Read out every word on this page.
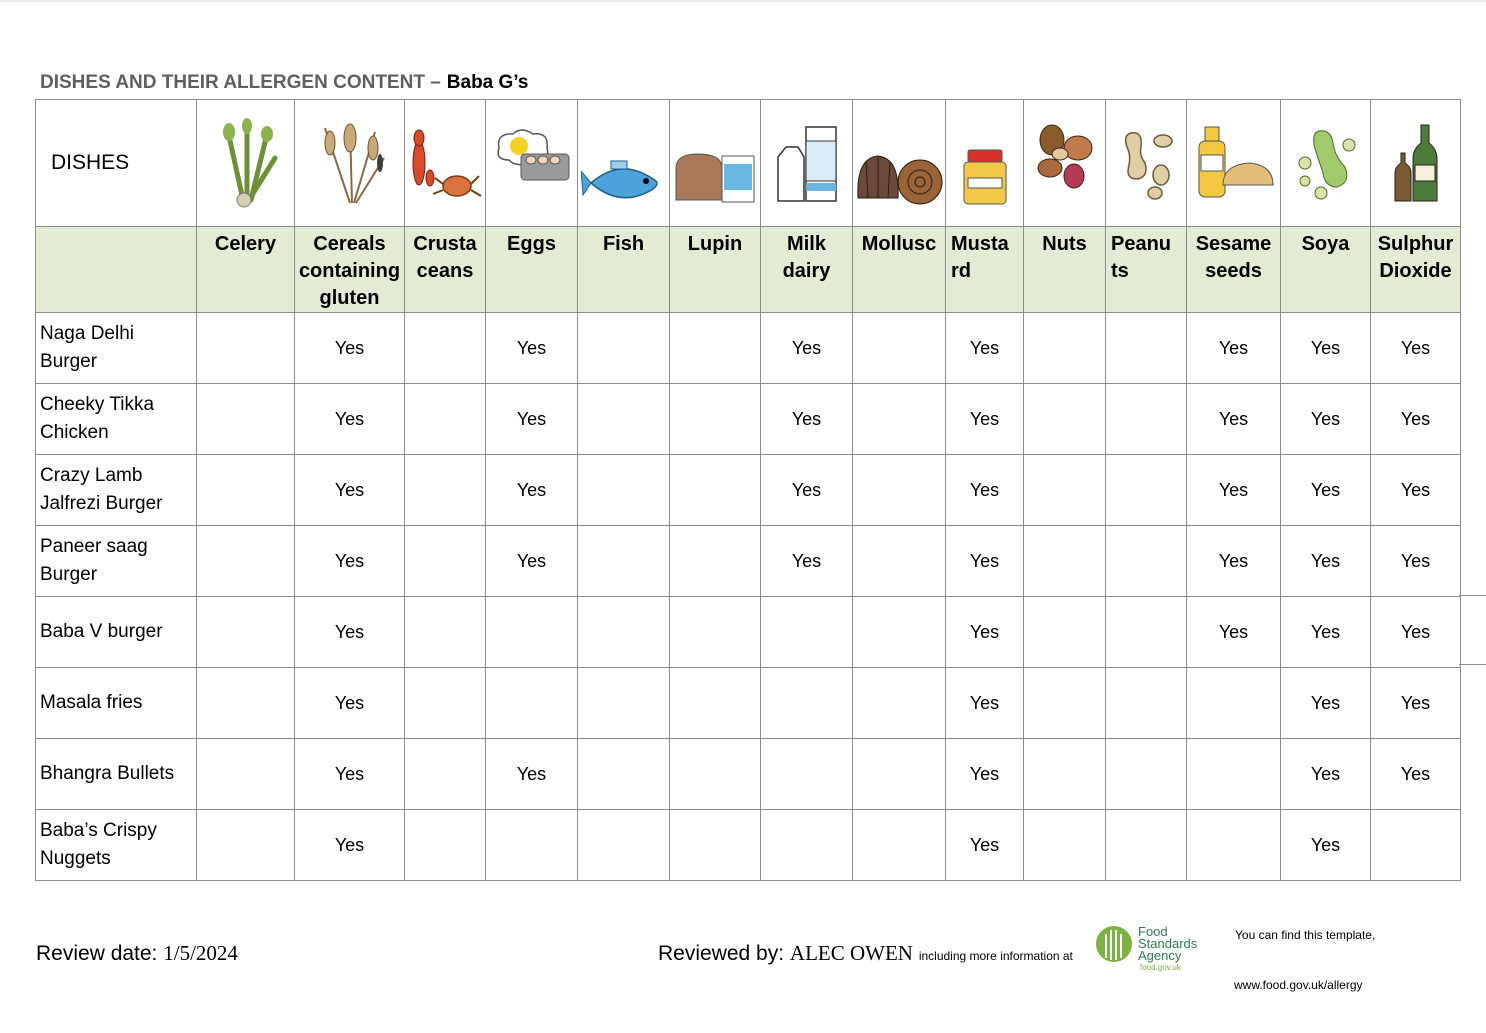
DISHES AND THEIR ALLERGEN CONTENT – Baba G’s
DISHES	

	Celery	Cereals containing gluten	Crusta ceans	Eggs	Fish	Lupin	Milk dairy	Mollusc	Musta rd	Nuts	Peanu ts	Sesame seeds	Soya	Sulphur Dioxide
Naga Delhi Burger		Yes		Yes			Yes		Yes			Yes	Yes	Yes
Cheeky Tikka Chicken		Yes		Yes			Yes		Yes			Yes	Yes	Yes
Crazy Lamb Jalfrezi Burger		Yes		Yes			Yes		Yes			Yes	Yes	Yes
Paneer saag Burger		Yes		Yes			Yes		Yes			Yes	Yes	Yes
Baba V burger		Yes							Yes			Yes	Yes	Yes
Masala fries		Yes							Yes				Yes	Yes
Bhangra Bullets		Yes		Yes					Yes				Yes	Yes
Baba’s Crispy Nuggets		Yes							Yes				Yes	
Review date: 1/5/2024	Reviewed by: ALEC OWEN including more information at
Food
Standards
Agency
food.gov.uk
You can find this template,
www.food.gov.uk/allergy
